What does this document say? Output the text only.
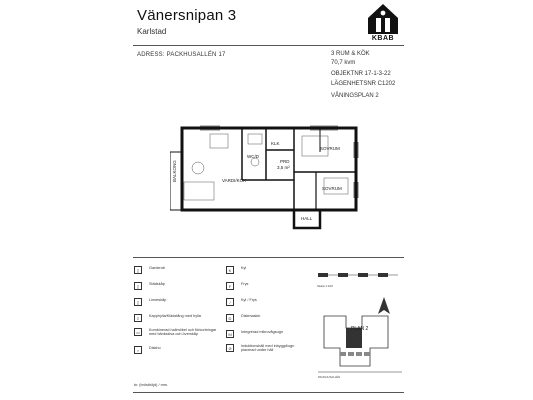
Vänersnipan 3
Karlstad
KBAB
ADRESS: PACKHUSALLÉN 17	3 RUM & KÖK
70,7 kvm
OBJEKTNR 17-1-3-22
LÄGENHETSNR C1202
VÅNINGSPLAN 2
BALKONG	VARDI/KÖK
WC/D
KLK
PRD
3,5 m²
SOVRUM
SOVRUM
HALL
▯	Garderob
▯	Städskåp
▯	Linneskåp
≡	Kapphylla/Klädstång med hylla
▭	Kombinerad hallmöbel och förkortningar med bänkskiva och överskåp
○	Diskho
K	Kyl
F	Frys
/	Kyl / Frys
D	Diskmaskin
M	Integrerad mikrovågsugn
⊘	Induktionshäll med inbyggd/ugn placerad under häll
br. (brösthöjd) / mm.
Skala 1:100
PLAN 2
PACKHUSALLÉN
